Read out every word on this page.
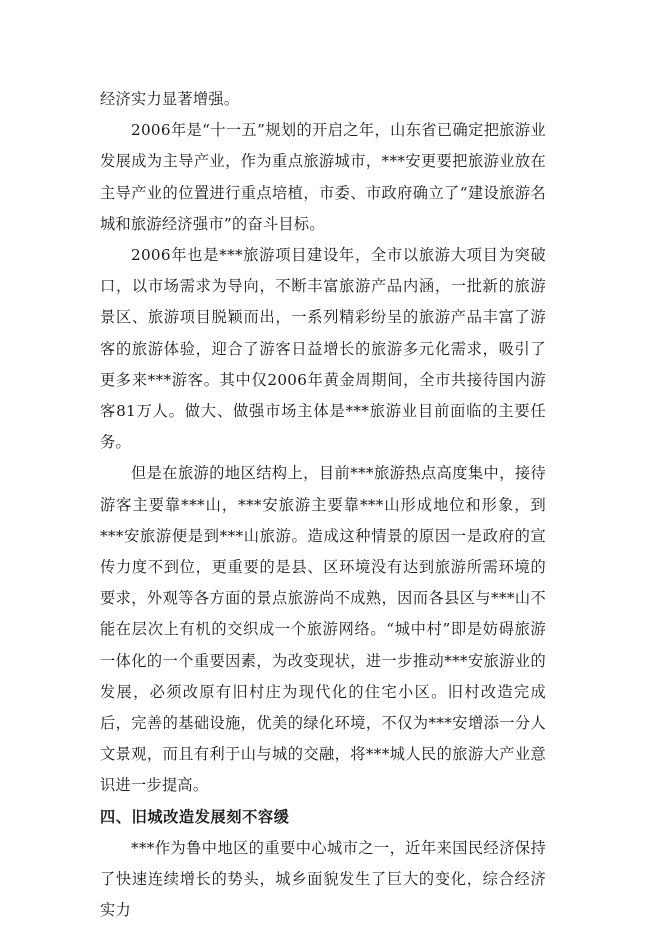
经济实力显著增强。

2006年是“十一五”规划的开启之年，山东省已确定把旅游业发展成为主导产业，作为重点旅游城市，***安更要把旅游业放在主导产业的位置进行重点培植，市委、市政府确立了“建设旅游名城和旅游经济强市”的奋斗目标。

2006年也是***旅游项目建设年，全市以旅游大项目为突破口，以市场需求为导向，不断丰富旅游产品内涵，一批新的旅游景区、旅游项目脱颖而出，一系列精彩纷呈的旅游产品丰富了游客的旅游体验，迎合了游客日益增长的旅游多元化需求，吸引了更多来***游客。其中仅2006年黄金周期间，全市共接待国内游客81万人。做大、做强市场主体是***旅游业目前面临的主要任务。

但是在旅游的地区结构上，目前***旅游热点高度集中，接待游客主要靠***山，***安旅游主要靠***山形成地位和形象，到***安旅游便是到***山旅游。造成这种情景的原因一是政府的宣传力度不到位，更重要的是县、区环境没有达到旅游所需环境的要求，外观等各方面的景点旅游尚不成熟，因而各县区与***山不能在层次上有机的交织成一个旅游网络。“城中村”即是妨碍旅游一体化的一个重要因素，为改变现状，进一步推动***安旅游业的发展，必须改原有旧村庄为现代化的住宅小区。旧村改造完成后，完善的基础设施，优美的绿化环境，不仅为***安增添一分人文景观，而且有利于山与城的交融，将***城人民的旅游大产业意识进一步提高。

四、旧城改造发展刻不容缓

***作为鲁中地区的重要中心城市之一，近年来国民经济保持了快速连续增长的势头，城乡面貌发生了巨大的变化，综合经济实力
